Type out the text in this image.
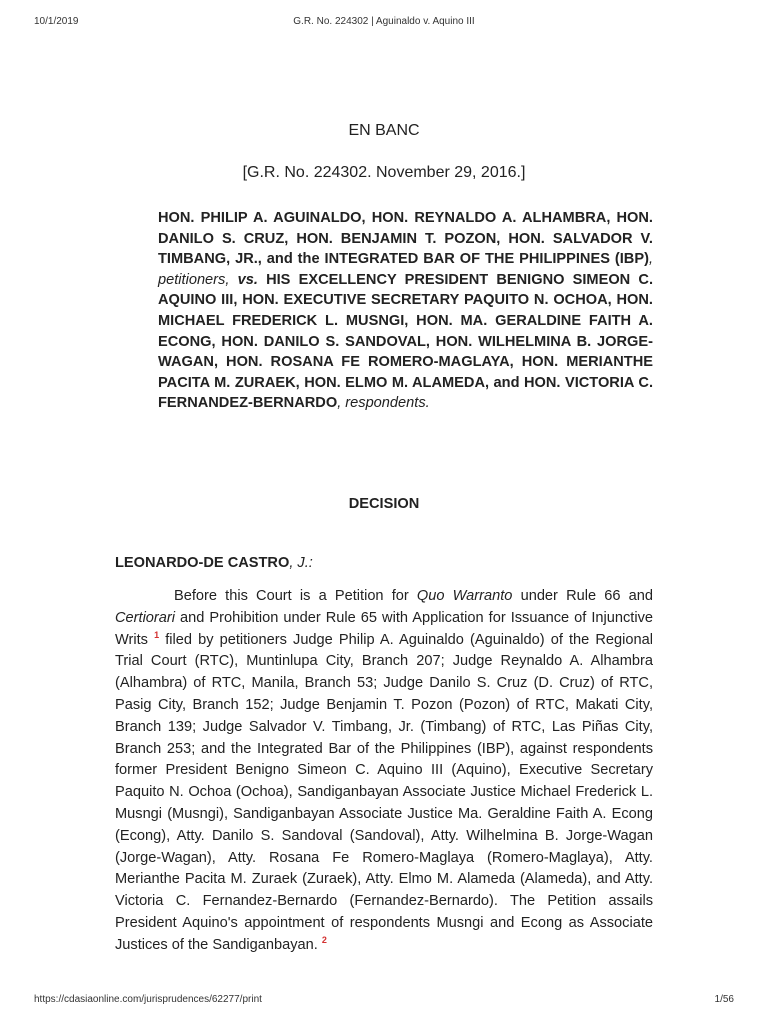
10/1/2019	G.R. No. 224302 | Aguinaldo v. Aquino III
EN BANC
[G.R. No. 224302. November 29, 2016.]
HON. PHILIP A. AGUINALDO, HON. REYNALDO A. ALHAMBRA, HON. DANILO S. CRUZ, HON. BENJAMIN T. POZON, HON. SALVADOR V. TIMBANG, JR., and the INTEGRATED BAR OF THE PHILIPPINES (IBP), petitioners, vs. HIS EXCELLENCY PRESIDENT BENIGNO SIMEON C. AQUINO III, HON. EXECUTIVE SECRETARY PAQUITO N. OCHOA, HON. MICHAEL FREDERICK L. MUSNGI, HON. MA. GERALDINE FAITH A. ECONG, HON. DANILO S. SANDOVAL, HON. WILHELMINA B. JORGE-WAGAN, HON. ROSANA FE ROMERO-MAGLAYA, HON. MERIANTHE PACITA M. ZURAEK, HON. ELMO M. ALAMEDA, and HON. VICTORIA C. FERNANDEZ-BERNARDO, respondents.
DECISION
LEONARDO-DE CASTRO, J.:
Before this Court is a Petition for Quo Warranto under Rule 66 and Certiorari and Prohibition under Rule 65 with Application for Issuance of Injunctive Writs $^1$ filed by petitioners Judge Philip A. Aguinaldo (Aguinaldo) of the Regional Trial Court (RTC), Muntinlupa City, Branch 207; Judge Reynaldo A. Alhambra (Alhambra) of RTC, Manila, Branch 53; Judge Danilo S. Cruz (D. Cruz) of RTC, Pasig City, Branch 152; Judge Benjamin T. Pozon (Pozon) of RTC, Makati City, Branch 139; Judge Salvador V. Timbang, Jr. (Timbang) of RTC, Las Piñas City, Branch 253; and the Integrated Bar of the Philippines (IBP), against respondents former President Benigno Simeon C. Aquino III (Aquino), Executive Secretary Paquito N. Ochoa (Ochoa), Sandiganbayan Associate Justice Michael Frederick L. Musngi (Musngi), Sandiganbayan Associate Justice Ma. Geraldine Faith A. Econg (Econg), Atty. Danilo S. Sandoval (Sandoval), Atty. Wilhelmina B. Jorge-Wagan (Jorge-Wagan), Atty. Rosana Fe Romero-Maglaya (Romero-Maglaya), Atty. Merianthe Pacita M. Zuraek (Zuraek), Atty. Elmo M. Alameda (Alameda), and Atty. Victoria C. Fernandez-Bernardo (Fernandez-Bernardo). The Petition assails President Aquino's appointment of respondents Musngi and Econg as Associate Justices of the Sandiganbayan. $^2$
https://cdasiaonline.com/jurisprudences/62277/print	1/56
